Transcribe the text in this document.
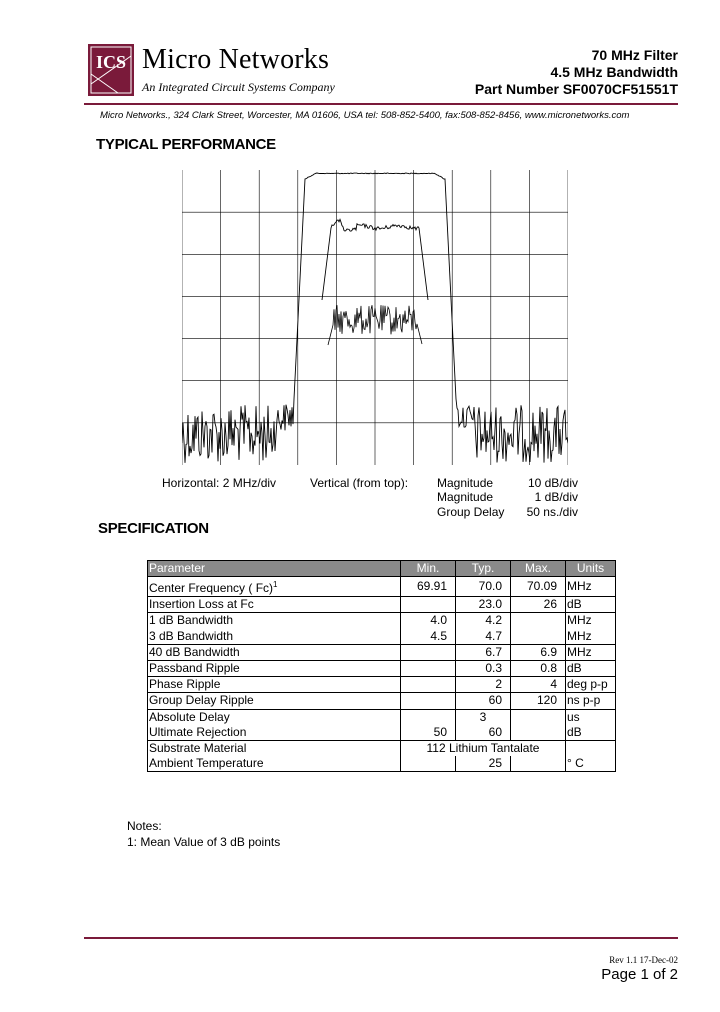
ICS Micro Networks
An Integrated Circuit Systems Company
70 MHz Filter
4.5 MHz Bandwidth
Part Number SF0070CF51551T
Micro Networks., 324 Clark Street, Worcester, MA 01606, USA tel: 508-852-5400, fax:508-852-8456, www.micronetworks.com
TYPICAL PERFORMANCE
Horizontal: 2 MHz/div	Vertical (from top): Magnitude
Magnitude
Group Delay
10 dB/div
1 dB/div
50 ns./div
SPECIFICATION
Parameter	Min.	Typ.	Max.	Units
Center Frequency ( Fc)$^1$	69.91	70.0	70.09	MHz
Insertion Loss at Fc		23.0	26	dB
1 dB Bandwidth	4.0	4.2		MHz
3 dB Bandwidth	4.5	4.7		MHz
40 dB Bandwidth		6.7	6.9	MHz
Passband Ripple		0.3	0.8	dB
Phase Ripple		2	4	deg p-p
Group Delay Ripple		60	120	ns p-p
Absolute Delay		3		us
Ultimate Rejection	50	60		dB
Substrate Material	112 Lithium Tantalate			
Ambient Temperature		25		° C
Notes:
1: Mean Value of 3 dB points
Rev 1.1 17-Dec-02
Page 1 of 2
